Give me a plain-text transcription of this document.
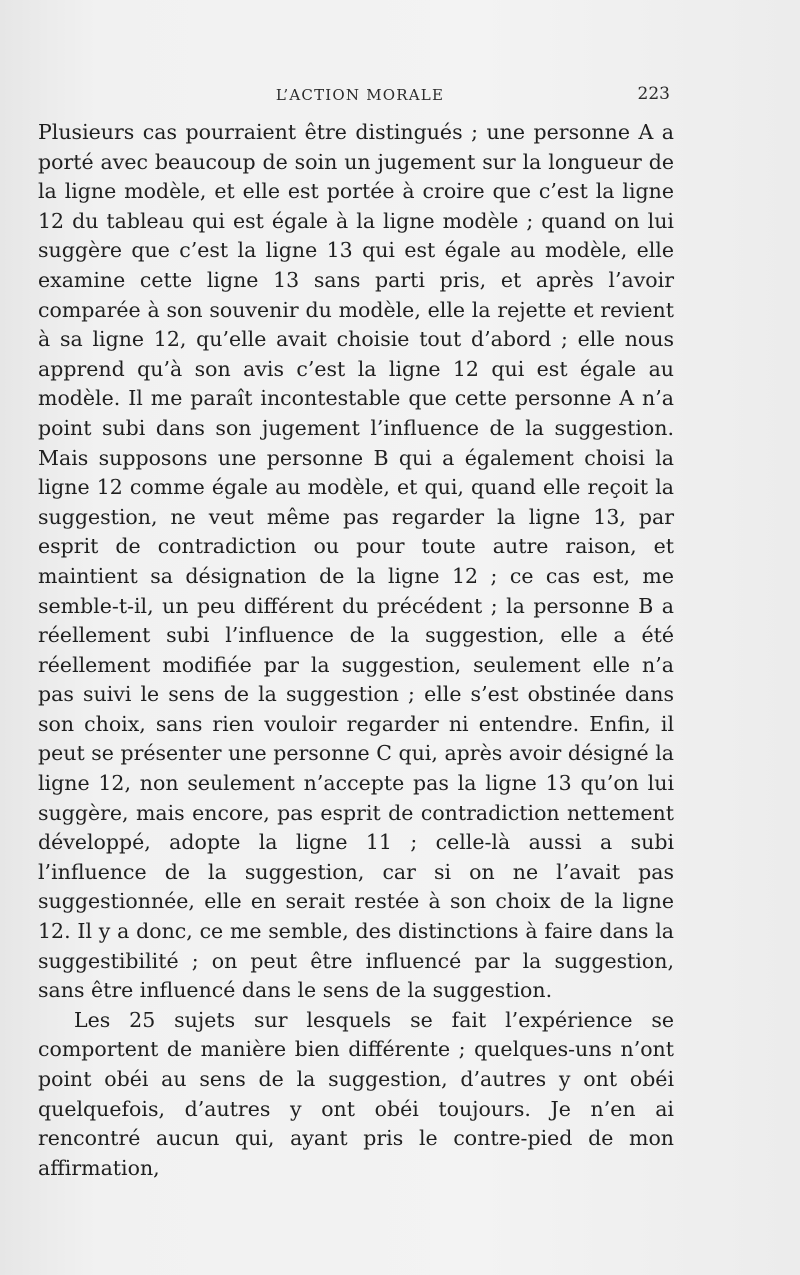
L’ACTION MORALE	223

Plusieurs cas pourraient être distingués ; une personne A a porté avec beaucoup de soin un jugement sur la longueur de la ligne modèle, et elle est portée à croire que c’est la ligne 12 du tableau qui est égale à la ligne modèle ; quand on lui suggère que c’est la ligne 13 qui est égale au modèle, elle examine cette ligne 13 sans parti pris, et après l’avoir comparée à son souvenir du modèle, elle la rejette et revient à sa ligne 12, qu’elle avait choisie tout d’abord ; elle nous apprend qu’à son avis c’est la ligne 12 qui est égale au modèle. Il me paraît incontestable que cette personne A n’a point subi dans son jugement l’influence de la suggestion. Mais supposons une personne B qui a également choisi la ligne 12 comme égale au modèle, et qui, quand elle reçoit la suggestion, ne veut même pas regarder la ligne 13, par esprit de contradiction ou pour toute autre raison, et maintient sa désignation de la ligne 12 ; ce cas est, me semble-t-il, un peu différent du précédent ; la personne B a réellement subi l’influence de la suggestion, elle a été réellement modifiée par la suggestion, seulement elle n’a pas suivi le sens de la suggestion ; elle s’est obstinée dans son choix, sans rien vouloir regarder ni entendre. Enfin, il peut se présenter une personne C qui, après avoir désigné la ligne 12, non seulement n’accepte pas la ligne 13 qu’on lui suggère, mais encore, pas esprit de contradiction nettement développé, adopte la ligne 11 ; celle-là aussi a subi l’influence de la suggestion, car si on ne l’avait pas suggestionnée, elle en serait restée à son choix de la ligne 12. Il y a donc, ce me semble, des distinctions à faire dans la suggestibilité ; on peut être influencé par la suggestion, sans être influencé dans le sens de la suggestion.

Les 25 sujets sur lesquels se fait l’expérience se comportent de manière bien différente ; quelques-uns n’ont point obéi au sens de la suggestion, d’autres y ont obéi quelquefois, d’autres y ont obéi toujours. Je n’en ai rencontré aucun qui, ayant pris le contre-pied de mon affirmation,
